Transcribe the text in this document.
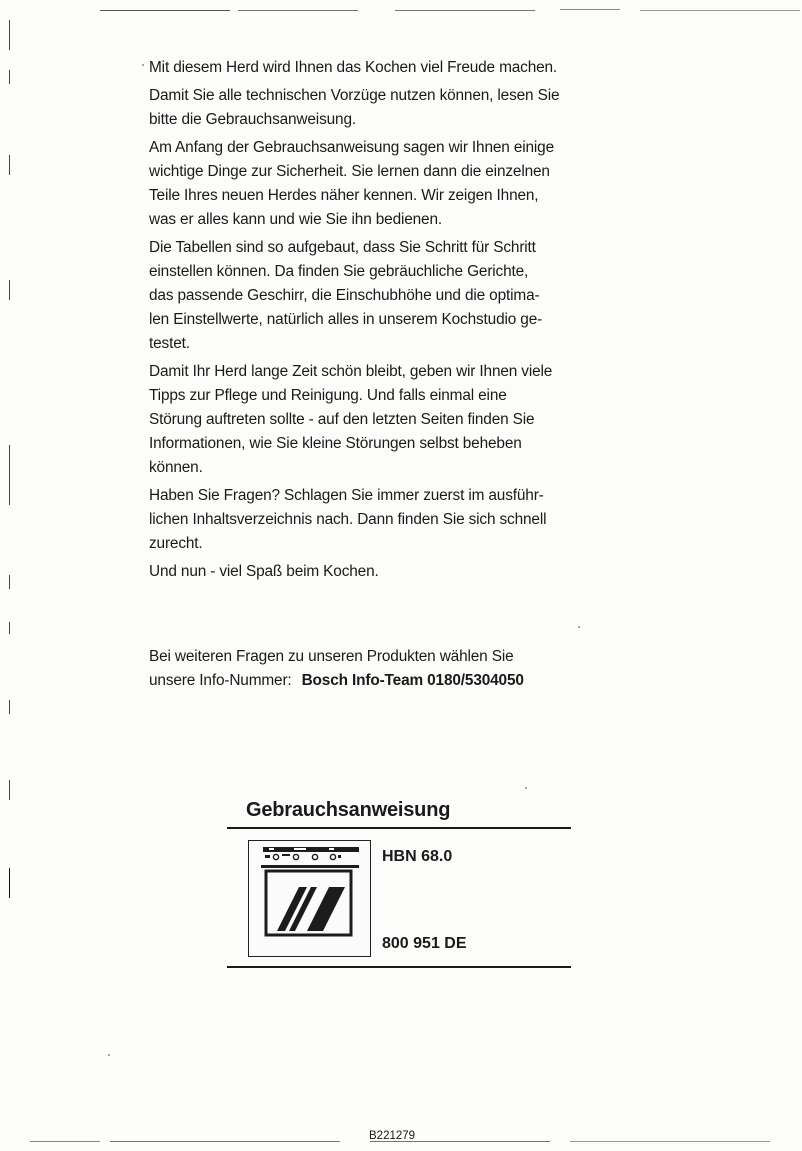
Mit diesem Herd wird Ihnen das Kochen viel Freude machen.
Damit Sie alle technischen Vorzüge nutzen können, lesen Sie
bitte die Gebrauchsanweisung.
Am Anfang der Gebrauchsanweisung sagen wir Ihnen einige
wichtige Dinge zur Sicherheit. Sie lernen dann die einzelnen
Teile Ihres neuen Herdes näher kennen. Wir zeigen Ihnen,
was er alles kann und wie Sie ihn bedienen.
Die Tabellen sind so aufgebaut, dass Sie Schritt für Schritt
einstellen können. Da finden Sie gebräuchliche Gerichte,
das passende Geschirr, die Einschubhöhe und die optima-
len Einstellwerte, natürlich alles in unserem Kochstudio ge-
testet.
Damit Ihr Herd lange Zeit schön bleibt, geben wir Ihnen viele
Tipps zur Pflege und Reinigung. Und falls einmal eine
Störung auftreten sollte - auf den letzten Seiten finden Sie
Informationen, wie Sie kleine Störungen selbst beheben
können.
Haben Sie Fragen? Schlagen Sie immer zuerst im ausführ-
lichen Inhaltsverzeichnis nach. Dann finden Sie sich schnell
zurecht.
Und nun - viel Spaß beim Kochen.
Bei weiteren Fragen zu unseren Produkten wählen Sie
unsere Info-Nummer: Bosch Info-Team 0180/5304050
Gebrauchsanweisung
HBN 68.0
800 951 DE
B221279
